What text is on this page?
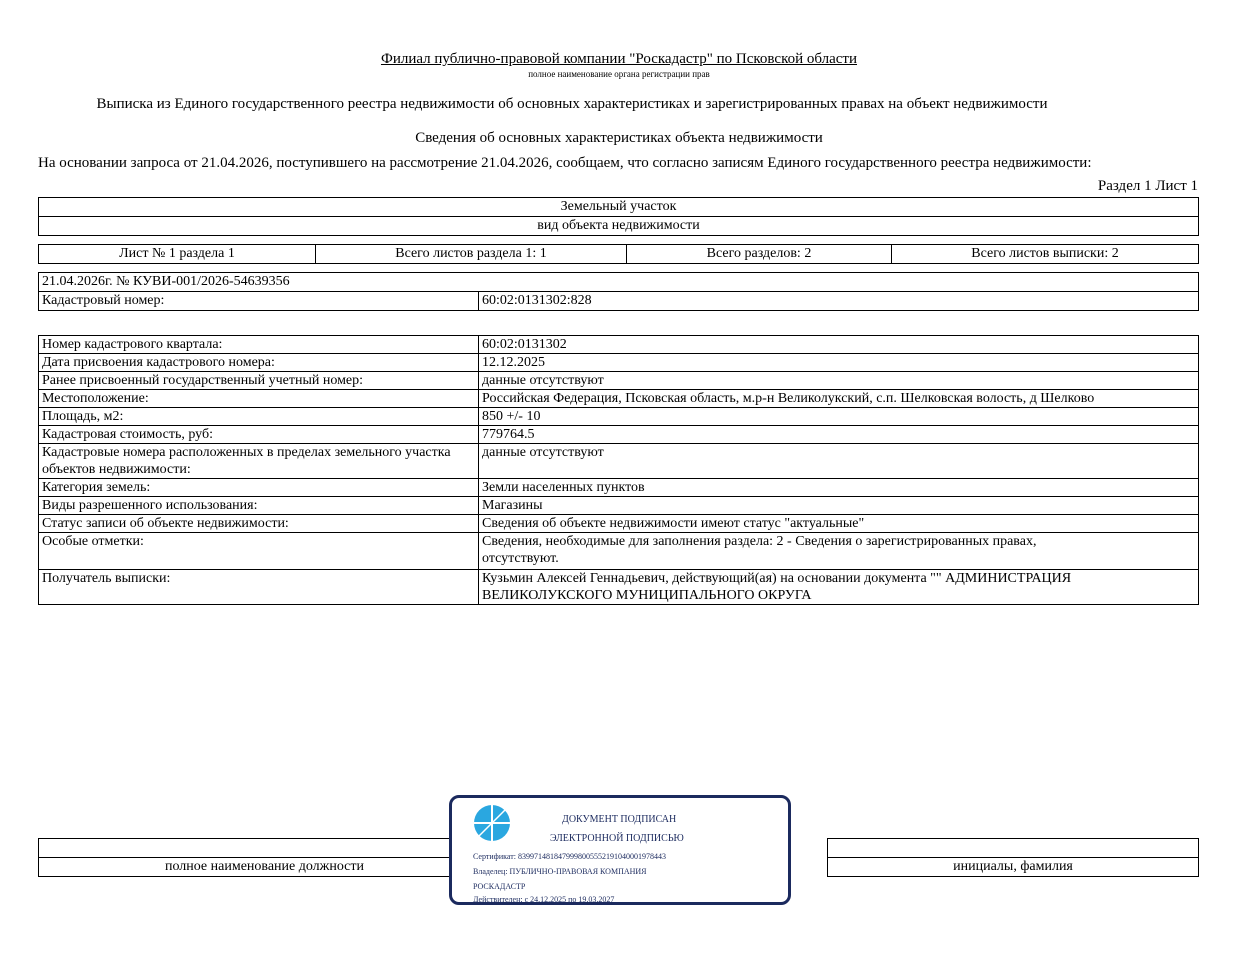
Филиал публично-правовой компании "Роскадастр" по Псковской области
полное наименование органа регистрации прав
Выписка из Единого государственного реестра недвижимости об основных характеристиках и зарегистрированных правах на объект недвижимости
Сведения об основных характеристиках объекта недвижимости
На основании запроса от 21.04.2026, поступившего на рассмотрение 21.04.2026, сообщаем, что согласно записям Единого государственного реестра недвижимости:
Раздел 1 Лист 1
Земельный участок
вид объекта недвижимости
Лист № 1 раздела 1	Всего листов раздела 1: 1	Всего разделов: 2	Всего листов выписки: 2
21.04.2026г. № КУВИ-001/2026-54639356
Кадастровый номер:	60:02:0131302:828
Номер кадастрового квартала:	60:02:0131302
Дата присвоения кадастрового номера:	12.12.2025
Ранее присвоенный государственный учетный номер:	данные отсутствуют
Местоположение:	Российская Федерация, Псковская область, м.р-н Великолукский, с.п. Шелковская волость, д Шелково
Площадь, м2:	850 +/- 10
Кадастровая стоимость, руб:	779764.5
Кадастровые номера расположенных в пределах земельного участка объектов недвижимости:	данные отсутствуют
Категория земель:	Земли населенных пунктов
Виды разрешенного использования:	Магазины
Статус записи об объекте недвижимости:	Сведения об объекте недвижимости имеют статус "актуальные"
Особые отметки:	Сведения, необходимые для заполнения раздела: 2 - Сведения о зарегистрированных правах, отсутствуют.
Получатель выписки:	Кузьмин Алексей Геннадьевич, действующий(ая) на основании документа "" АДМИНИСТРАЦИЯ ВЕЛИКОЛУКСКОГО МУНИЦИПАЛЬНОГО ОКРУГА

полное наименование должности		инициалы, фамилия
ДОКУМЕНТ ПОДПИСАН
ЭЛЕКТРОННОЙ ПОДПИСЬЮ
Сертификат: 83997148184799980055521910400019784​43
Владелец: ПУБЛИЧНО-ПРАВОВАЯ КОМПАНИЯ
РОСКАДАСТР
Действителен: с 24.12.2025 по 19.03.2027
